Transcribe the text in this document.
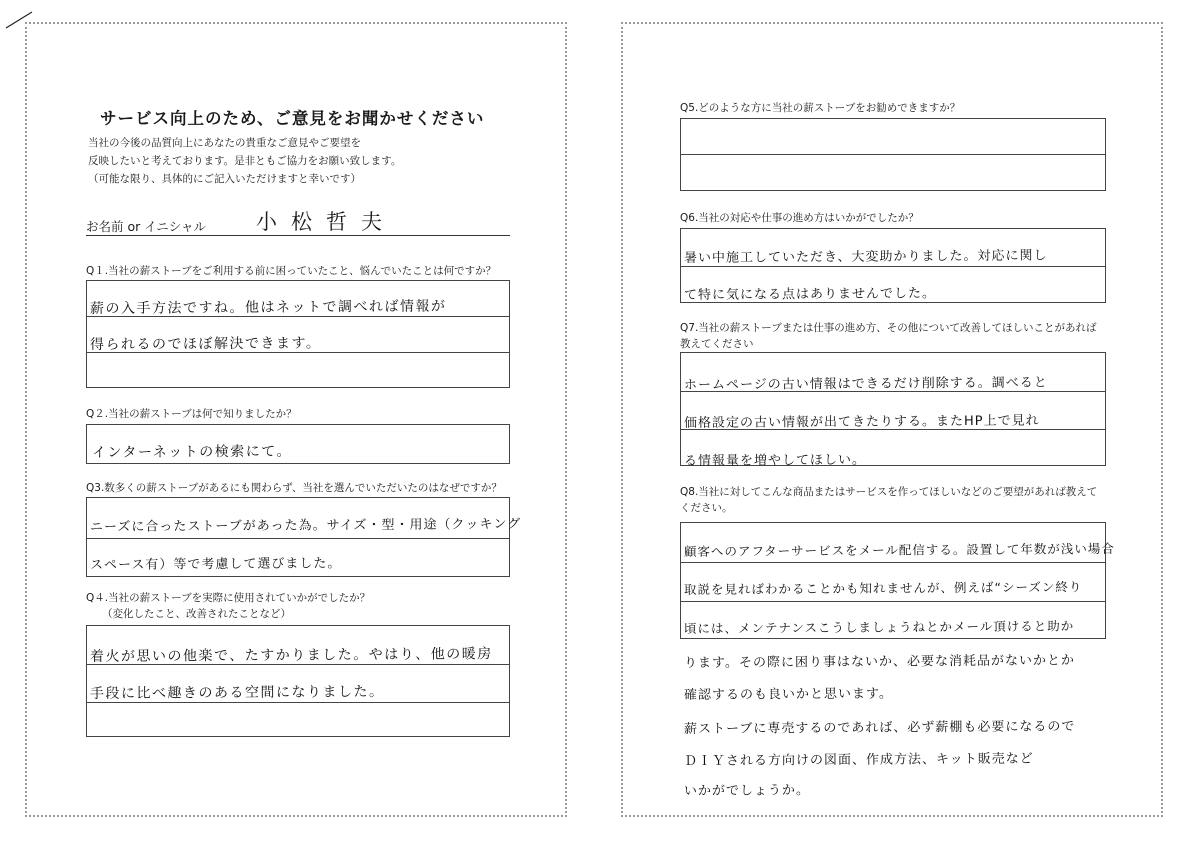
サービス向上のため、ご意見をお聞かせください
当社の今後の品質向上にあなたの貴重なご意見やご要望を
反映したいと考えております。是非ともご協力をお願い致します。
（可能な限り、具体的にご記入いただけますと幸いです）
お名前 or イニシャル 小松哲夫
Q１.当社の薪ストーブをご利用する前に困っていたこと、悩んでいたことは何ですか？
薪の入手方法ですね。他はネットで調べれば情報が
得られるのでほぼ解決できます。
Q２.当社の薪ストーブは何で知りましたか？
インターネットの検索にて。
Q3.数多くの薪ストーブがあるにも関わらず、当社を選んでいただいたのはなぜですか？
ニーズに合ったストーブがあった為。サイズ・型・用途（クッキング
スペース有）等で考慮して選びました。
Q４.当社の薪ストーブを実際に使用されていかがでしたか？
（変化したこと、改善されたことなど）
着火が思いの他楽で、たすかりました。やはり、他の暖房
手段に比べ趣きのある空間になりました。
Q5.どのような方に当社の薪ストーブをお勧めできますか？
Q6.当社の対応や仕事の進め方はいかがでしたか？
暑い中施工していただき、大変助かりました。対応に関し
て特に気になる点はありませんでした。
Q7.当社の薪ストーブまたは仕事の進め方、その他について改善してほしいことがあれば
教えてください
ホームページの古い情報はできるだけ削除する。調べると
価格設定の古い情報が出てきたりする。またHP上で見れ
る情報量を増やしてほしい。
Q8.当社に対してこんな商品またはサービスを作ってほしいなどのご要望があれば教えて
ください。
顧客へのアフターサービスをメール配信する。設置して年数が浅い場合
取説を見ればわかることかも知れませんが、例えば“シーズン終り
頃には、メンテナンスこうしましょうねとかメール頂けると助か
ります。その際に困り事はないか、必要な消耗品がないかとか
確認するのも良いかと思います。
薪ストーブに専売するのであれば、必ず薪棚も必要になるので
ＤＩＹされる方向けの図面、作成方法、キット販売など
いかがでしょうか。
